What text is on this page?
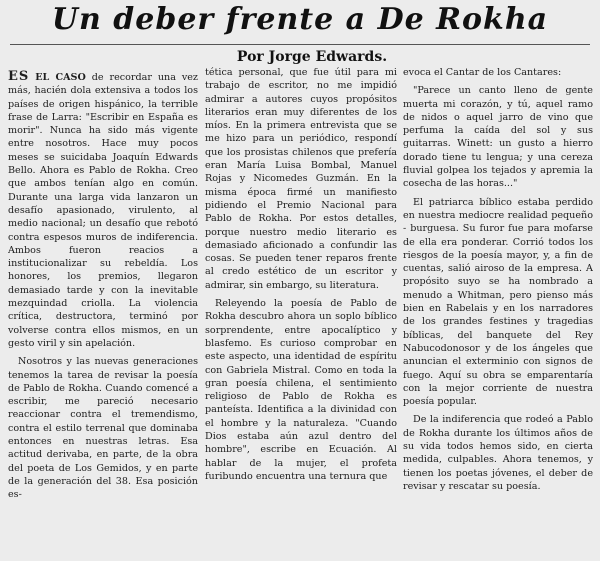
Un deber frente a De Rokha
Por Jorge Edwards.

ES EL CASO de recordar una vez más, hacién dola extensiva a todos los países de origen hispánico, la terrible frase de Larra: "Escribir en España es morir". Nunca ha sido más vigente entre nosotros. Hace muy pocos meses se suicidaba Joaquín Edwards Bello. Ahora es Pablo de Rokha. Creo que ambos tenían algo en común. Durante una larga vida lanzaron un desafío apasionado, virulento, al medio nacional; un desafío que rebotó contra espesos muros de indiferencia. Ambos fueron reacios a institucionalizar su rebeldía. Los honores, los premios, llegaron demasiado tarde y con la inevitable mezquindad criolla. La violencia crítica, destructora, terminó por volverse contra ellos mismos, en un gesto viril y sin apelación.

Nosotros y las nuevas generaciones tenemos la tarea de revisar la poesía de Pablo de Rokha. Cuando comencé a escribir, me pareció necesario reaccionar contra el tremendismo, contra el estilo terrenal que dominaba entonces en nuestras letras. Esa actitud derivaba, en parte, de la obra del poeta de Los Gemidos, y en parte de la generación del 38. Esa posición es-

tética personal, que fue útil para mi trabajo de escritor, no me impidió admirar a autores cuyos propósitos literarios eran muy diferentes de los míos. En la primera entrevista que se me hizo para un periódico, respondí que los prosistas chilenos que prefería eran María Luisa Bombal, Manuel Rojas y Nicomedes Guzmán. En la misma época firmé un manifiesto pidiendo el Premio Nacional para Pablo de Rokha. Por estos detalles, porque nuestro medio literario es demasiado aficionado a confundir las cosas. Se pueden tener reparos frente al credo estético de un escritor y admirar, sin embargo, su literatura.

Releyendo la poesía de Pablo de Rokha descubro ahora un soplo bíblico sorprendente, entre apocalíptico y blasfemo. Es curioso comprobar en este aspecto, una identidad de espíritu con Gabriela Mistral. Como en toda la gran poesía chilena, el sentimiento religioso de Pablo de Rokha es panteísta. Identifica a la divinidad con el hombre y la naturaleza. "Cuando Dios estaba aún azul dentro del hombre", escribe en Ecuación. Al hablar de la mujer, el profeta furibundo encuentra una ternura que

evoca el Cantar de los Cantares:

"Parece un canto lleno de gente muerta mi corazón, y tú, aquel ramo de nidos o aquel jarro de vino que perfuma la caída del sol y sus guitarras. Winett: un gusto a hierro dorado tiene tu lengua; y una cereza fluvial golpea los tejados y apremia la cosecha de las horas..."

El patriarca bíblico estaba perdido en nuestra mediocre realidad pequeño - burguesa. Su furor fue para mofarse de ella era ponderar. Corrió todos los riesgos de la poesía mayor, y, a fin de cuentas, salió airoso de la empresa. A propósito suyo se ha nombrado a menudo a Whitman, pero pienso más bien en Rabelais y en los narradores de los grandes festines y tragedias bíblicas, del banquete del Rey Nabucodonosor y de los ángeles que anuncian el exterminio con signos de fuego. Aquí su obra se emparentaría con la mejor corriente de nuestra poesía popular.

De la indiferencia que rodeó a Pablo de Rokha durante los últimos años de su vida todos hemos sido, en cierta medida, culpables. Ahora tenemos, y tienen los poetas jóvenes, el deber de revisar y rescatar su poesía.
